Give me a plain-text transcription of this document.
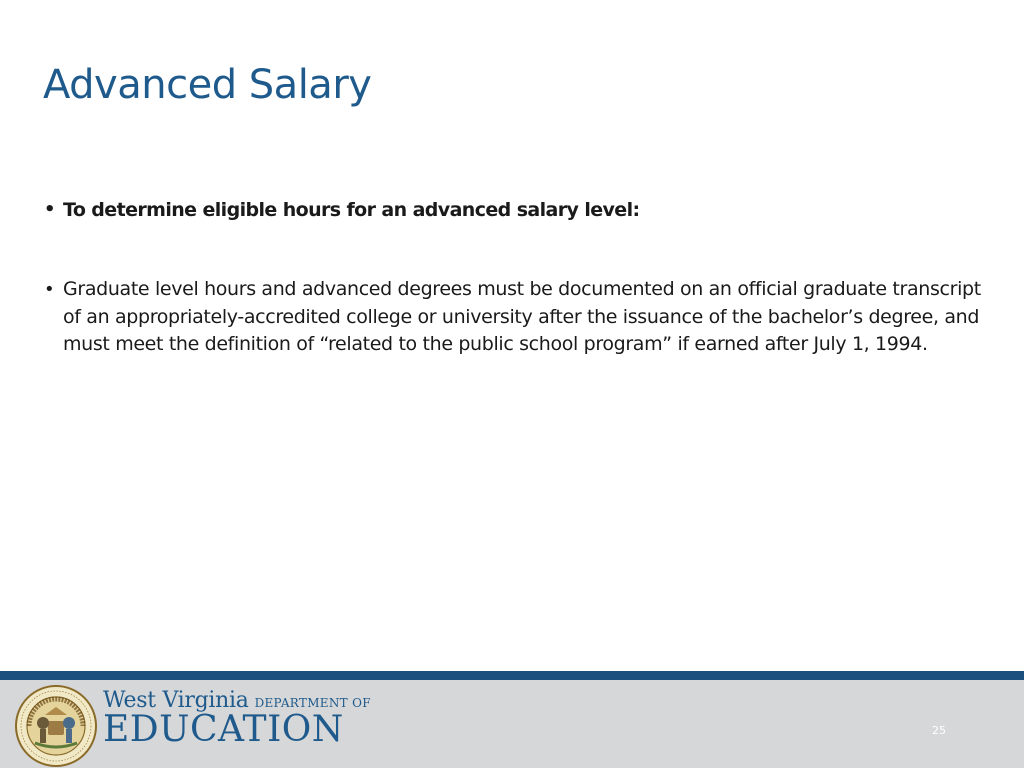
Advanced Salary
• To determine eligible hours for an advanced salary level:
• Graduate level hours and advanced degrees must be documented on an official graduate transcript of an appropriately-accredited college or university after the issuance of the bachelor’s degree, and must meet the definition of “related to the public school program” if earned after July 1, 1994.
West Virginia DEPARTMENT OF
EDUCATION	25
